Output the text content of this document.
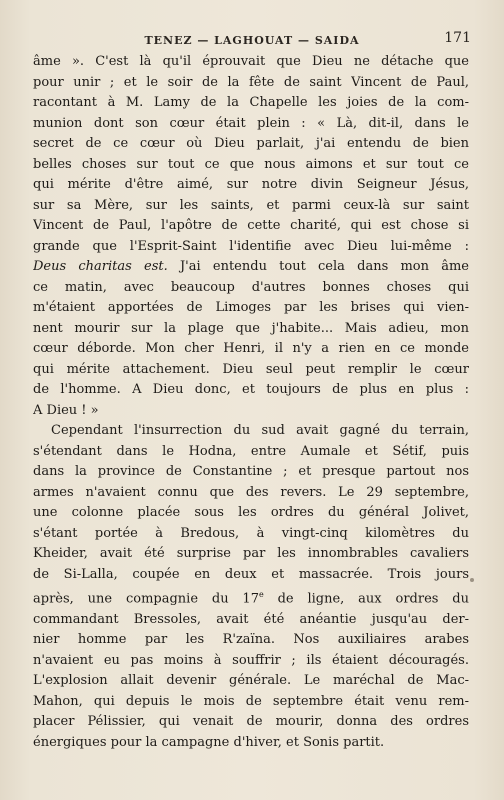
TENEZ — LAGHOUAT — SAIDA	171
âme ». C'est là qu'il éprouvait que Dieu ne détache que
pour unir ; et le soir de la fête de saint Vincent de Paul,
racontant à M. Lamy de la Chapelle les joies de la com-
munion dont son cœur était plein : « Là, dit-il, dans le
secret de ce cœur où Dieu parlait, j'ai entendu de bien
belles choses sur tout ce que nous aimons et sur tout ce
qui mérite d'être aimé, sur notre divin Seigneur Jésus,
sur sa Mère, sur les saints, et parmi ceux-là sur saint
Vincent de Paul, l'apôtre de cette charité, qui est chose si
grande que l'Esprit-Saint l'identifie avec Dieu lui-même :
Deus charitas est. J'ai entendu tout cela dans mon âme
ce matin, avec beaucoup d'autres bonnes choses qui
m'étaient apportées de Limoges par les brises qui vien-
nent mourir sur la plage que j'habite... Mais adieu, mon
cœur déborde. Mon cher Henri, il n'y a rien en ce monde
qui mérite attachement. Dieu seul peut remplir le cœur
de l'homme. A Dieu donc, et toujours de plus en plus :
A Dieu ! »
Cependant l'insurrection du sud avait gagné du terrain,
s'étendant dans le Hodna, entre Aumale et Sétif, puis
dans la province de Constantine ; et presque partout nos
armes n'avaient connu que des revers. Le 29 septembre,
une colonne placée sous les ordres du général Jolivet,
s'étant portée à Bredous, à vingt-cinq kilomètres du
Kheider, avait été surprise par les innombrables cavaliers
de Si-Lalla, coupée en deux et massacrée. Trois jours
après, une compagnie du 17e de ligne, aux ordres du
commandant Bressoles, avait été anéantie jusqu'au der-
nier homme par les R'zaïna. Nos auxiliaires arabes
n'avaient eu pas moins à souffrir ; ils étaient découragés.
L'explosion allait devenir générale. Le maréchal de Mac-
Mahon, qui depuis le mois de septembre était venu rem-
placer Pélissier, qui venait de mourir, donna des ordres
énergiques pour la campagne d'hiver, et Sonis partit.
